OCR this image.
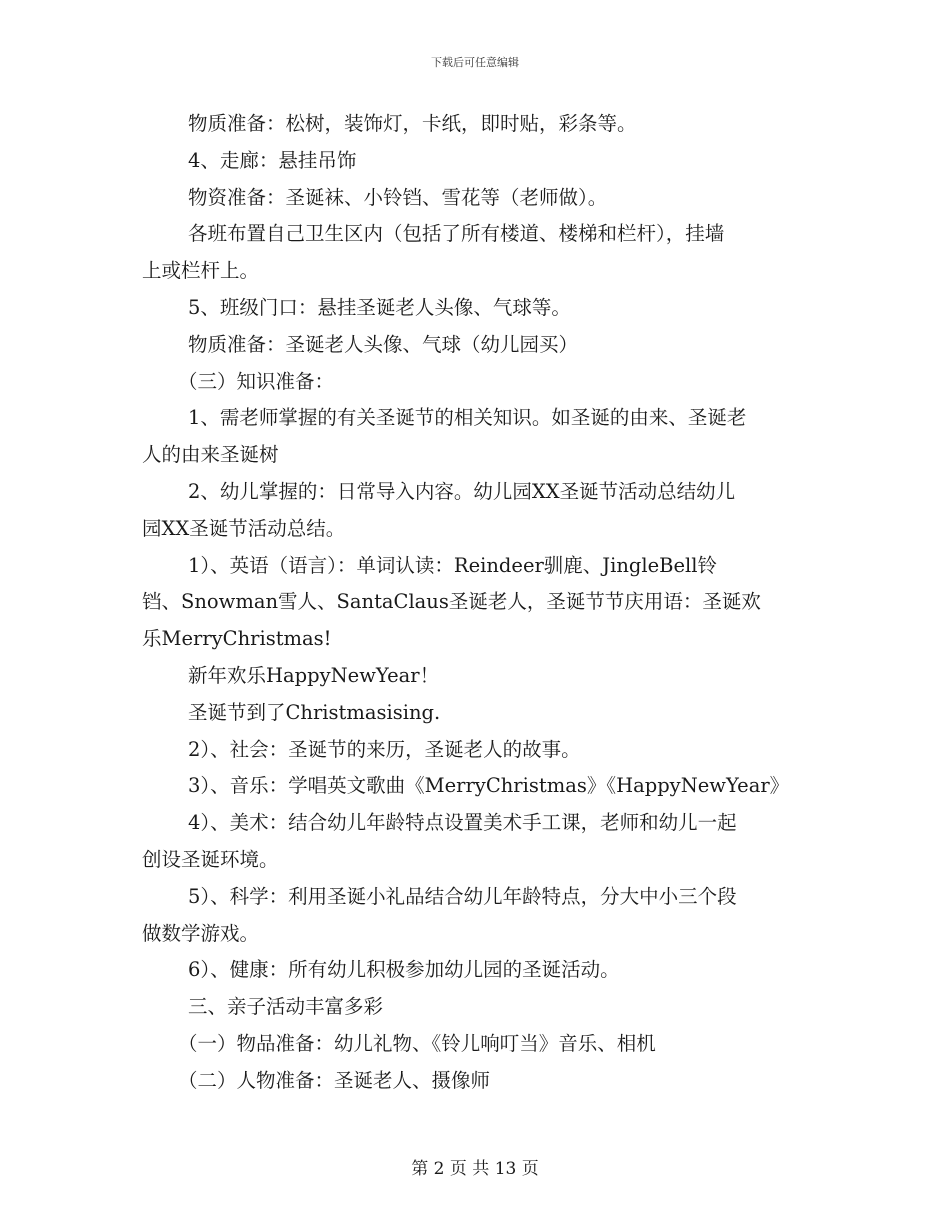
下载后可任意编辑
物质准备：松树，装饰灯，卡纸，即时贴，彩条等。
4、走廊：悬挂吊饰
物资准备：圣诞袜、小铃铛、雪花等（老师做）。
各班布置自己卫生区内（包括了所有楼道、楼梯和栏杆），挂墙
上或栏杆上。
5、班级门口：悬挂圣诞老人头像、气球等。
物质准备：圣诞老人头像、气球（幼儿园买）
（三）知识准备：
1、需老师掌握的有关圣诞节的相关知识。如圣诞的由来、圣诞老
人的由来圣诞树
2、幼儿掌握的：日常导入内容。幼儿园XX圣诞节活动总结幼儿
园XX圣诞节活动总结。
1）、英语（语言）：单词认读：Reindeer驯鹿、JingleBell铃
铛、Snowman雪人、SantaClaus圣诞老人，圣诞节节庆用语：圣诞欢
乐MerryChristmas!
新年欢乐HappyNewYear！
圣诞节到了Christmasising.
2）、社会：圣诞节的来历，圣诞老人的故事。
3）、音乐：学唱英文歌曲《MerryChristmas》《HappyNewYear》
4）、美术：结合幼儿年龄特点设置美术手工课，老师和幼儿一起
创设圣诞环境。
5）、科学：利用圣诞小礼品结合幼儿年龄特点，分大中小三个段
做数学游戏。
6）、健康：所有幼儿积极参加幼儿园的圣诞活动。
三、亲子活动丰富多彩
（一）物品准备：幼儿礼物、《铃儿响叮当》音乐、相机
（二）人物准备：圣诞老人、摄像师
第 2 页 共 13 页
